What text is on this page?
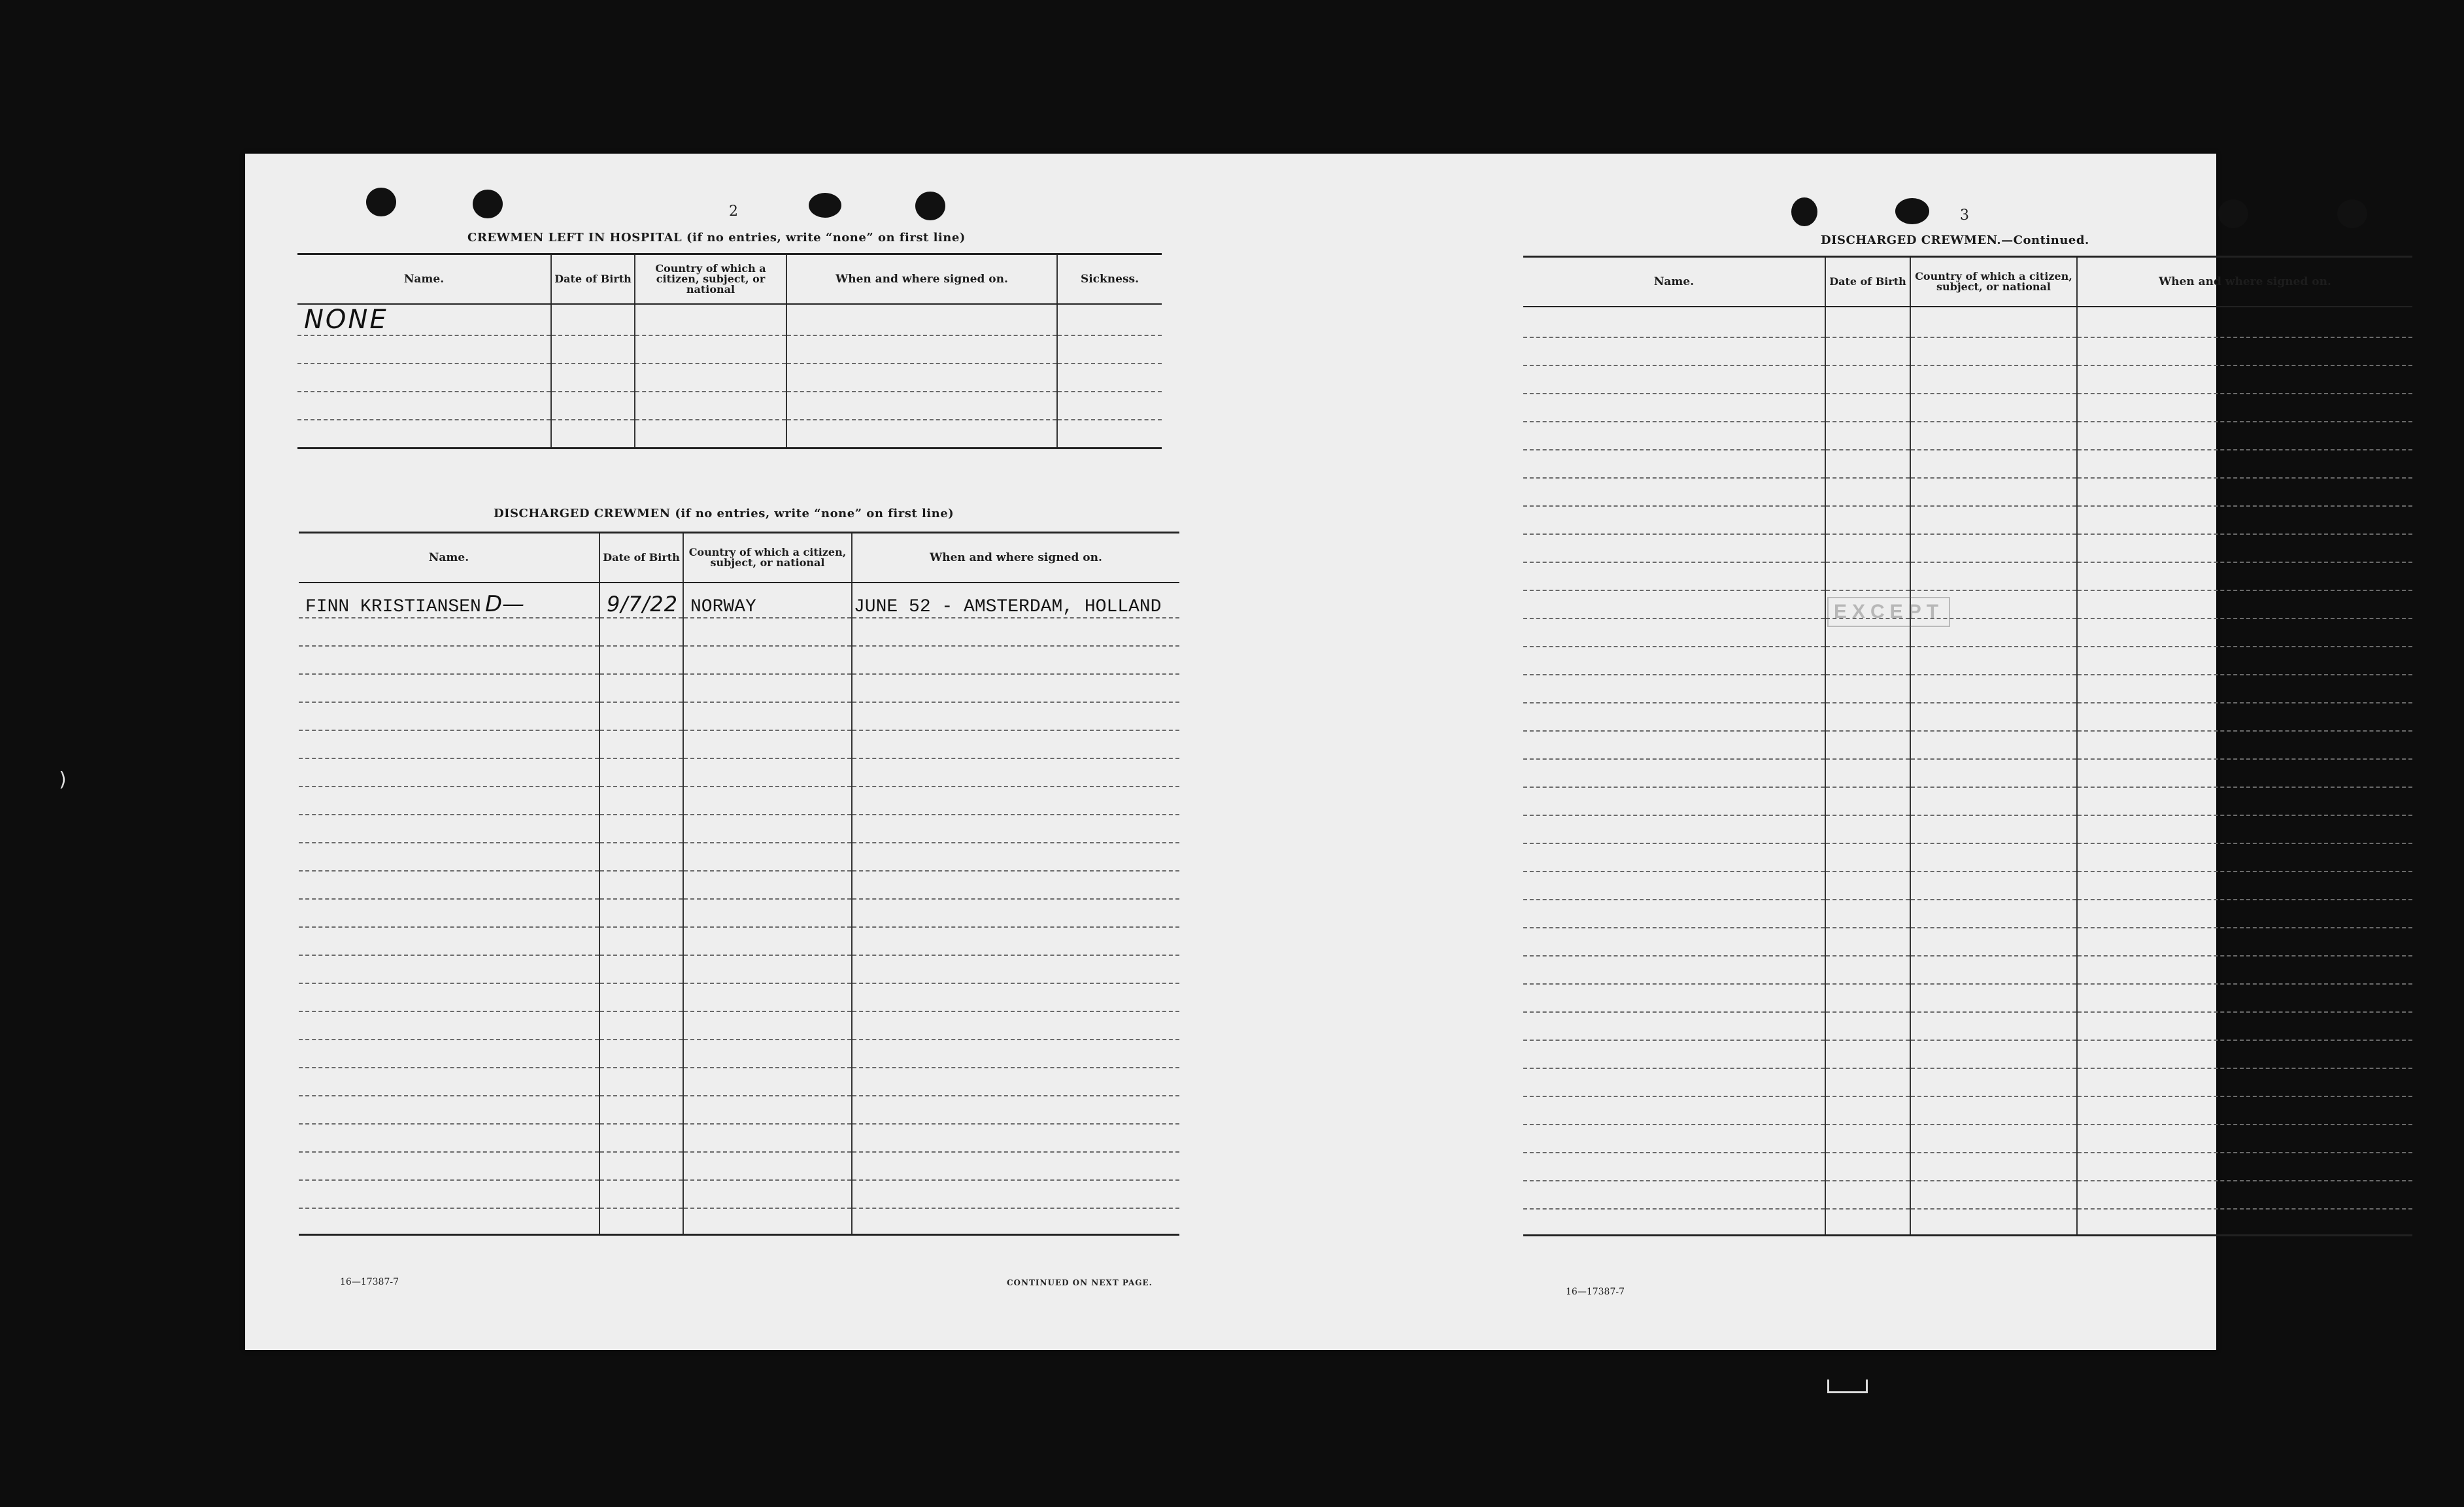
2
CREWMEN LEFT IN HOSPITAL (if no entries, write “none” on first line)
Name.	Date of Birth	Country of which a citizen, subject, or national	When and where signed on.	Sickness.
NONE				

DISCHARGED CREWMEN (if no entries, write “none” on first line)
Name.	Date of Birth	Country of which a citizen, subject, or national	When and where signed on.
FINN KRISTIANSEN D—	9/7/22	NORWAY	JUNE 52 - AMSTERDAM, HOLLAND

16—17387-7	CONTINUED ON NEXT PAGE.
3
DISCHARGED CREWMEN.—Continued.
Name.	Date of Birth	Country of which a citizen, subject, or national	When and where signed on.

EXCEPT
16—17387-7
)
